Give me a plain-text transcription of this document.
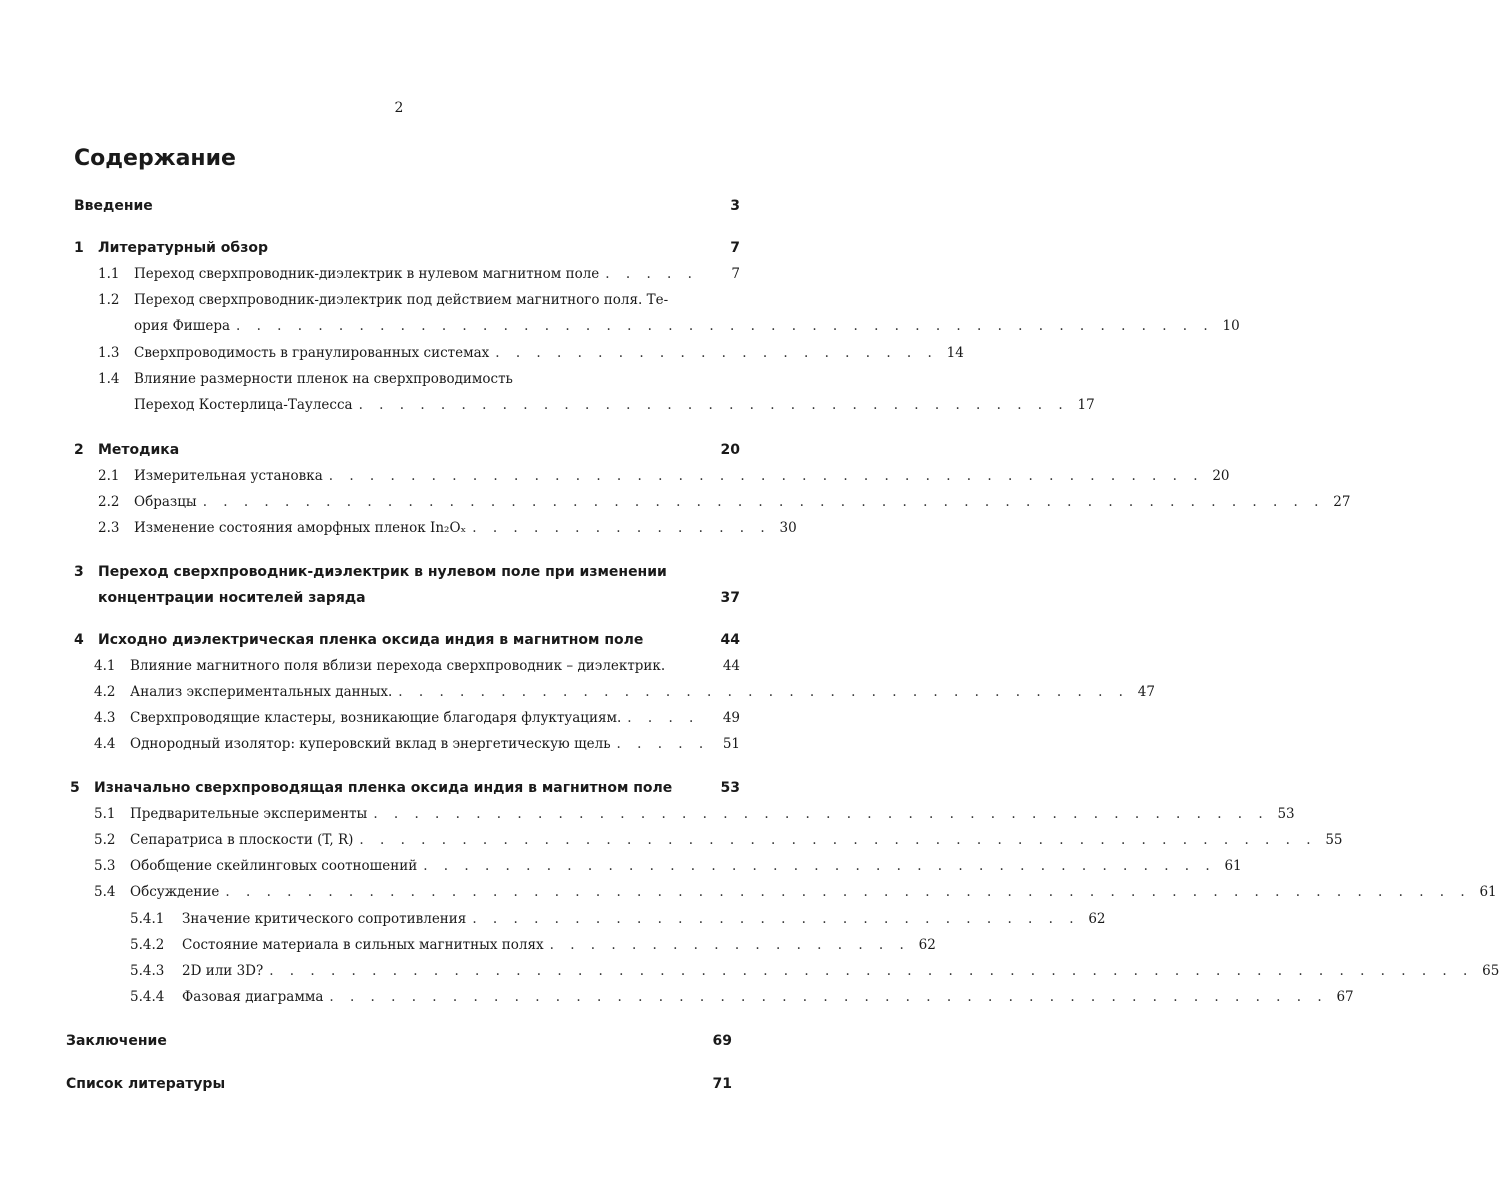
2
Содержание
Введение	3
1	Литературный обзор	7
1.1	Переход сверхпроводник-диэлектрик в нулевом магнитном поле . . . . .	7
1.2 Переход сверхпроводник-диэлектрик под действием магнитного поля. Те-
ория Фишера . . . . . . . . . . . . . . . . . . . . . . . . . . . . . . . . . . . . . . . . . . . . . . . . 10
1.3	Сверхпроводимость в гранулированных системах . . . . . . . . . . . . . . . . . . . . . . 14
1.4 Влияние размерности пленок на сверхпроводимость
Переход Костерлица-Таулесса . . . . . . . . . . . . . . . . . . . . . . . . . . . . . . . . . . . 17
2	Методика	20
2.1	Измерительная установка . . . . . . . . . . . . . . . . . . . . . . . . . . . . . . . . . . . . . . . . . . . 20
2.2	Образцы . . . . . . . . . . . . . . . . . . . . . . . . . . . . . . . . . . . . . . . . . . . . . . . . . . . . . . . 27
2.3	Изменение состояния аморфных пленок In₂Oₓ . . . . . . . . . . . . . . . 30
3 Переход сверхпроводник-диэлектрик в нулевом поле при изменении
концентрации носителей заряда	37
4	Исходно диэлектрическая пленка оксида индия в магнитном поле	44
4.1	Влияние магнитного поля вблизи перехода сверхпроводник – диэлектрик.	44
4.2	Анализ экспериментальных данных. . . . . . . . . . . . . . . . . . . . . . . . . . . . . . . . . . . . . 47
4.3	Сверхпроводящие кластеры, возникающие благодаря флуктуациям. . . . .	49
4.4	Однородный изолятор: куперовский вклад в энергетическую щель . . . . .	51
5	Изначально сверхпроводящая пленка оксида индия в магнитном поле	53
5.1	Предварительные эксперименты . . . . . . . . . . . . . . . . . . . . . . . . . . . . . . . . . . . . . . . . . . . . 53
5.2	Сепаратриса в плоскости (T, R) . . . . . . . . . . . . . . . . . . . . . . . . . . . . . . . . . . . . . . . . . . . . . . . 55
5.3	Обобщение скейлинговых соотношений . . . . . . . . . . . . . . . . . . . . . . . . . . . . . . . . . . . . . . . 61
5.4	Обсуждение . . . . . . . . . . . . . . . . . . . . . . . . . . . . . . . . . . . . . . . . . . . . . . . . . . . . . . . . . . . . . 61
5.4.1	Значение критического сопротивления . . . . . . . . . . . . . . . . . . . . . . . . . . . . . . 62
5.4.2	Состояние материала в сильных магнитных полях . . . . . . . . . . . . . . . . . . 62
5.4.3	2D или 3D? . . . . . . . . . . . . . . . . . . . . . . . . . . . . . . . . . . . . . . . . . . . . . . . . . . . . . . . . . . . 65
5.4.4	Фазовая диаграмма . . . . . . . . . . . . . . . . . . . . . . . . . . . . . . . . . . . . . . . . . . . . . . . . . 67
Заключение	69
Список литературы	71
